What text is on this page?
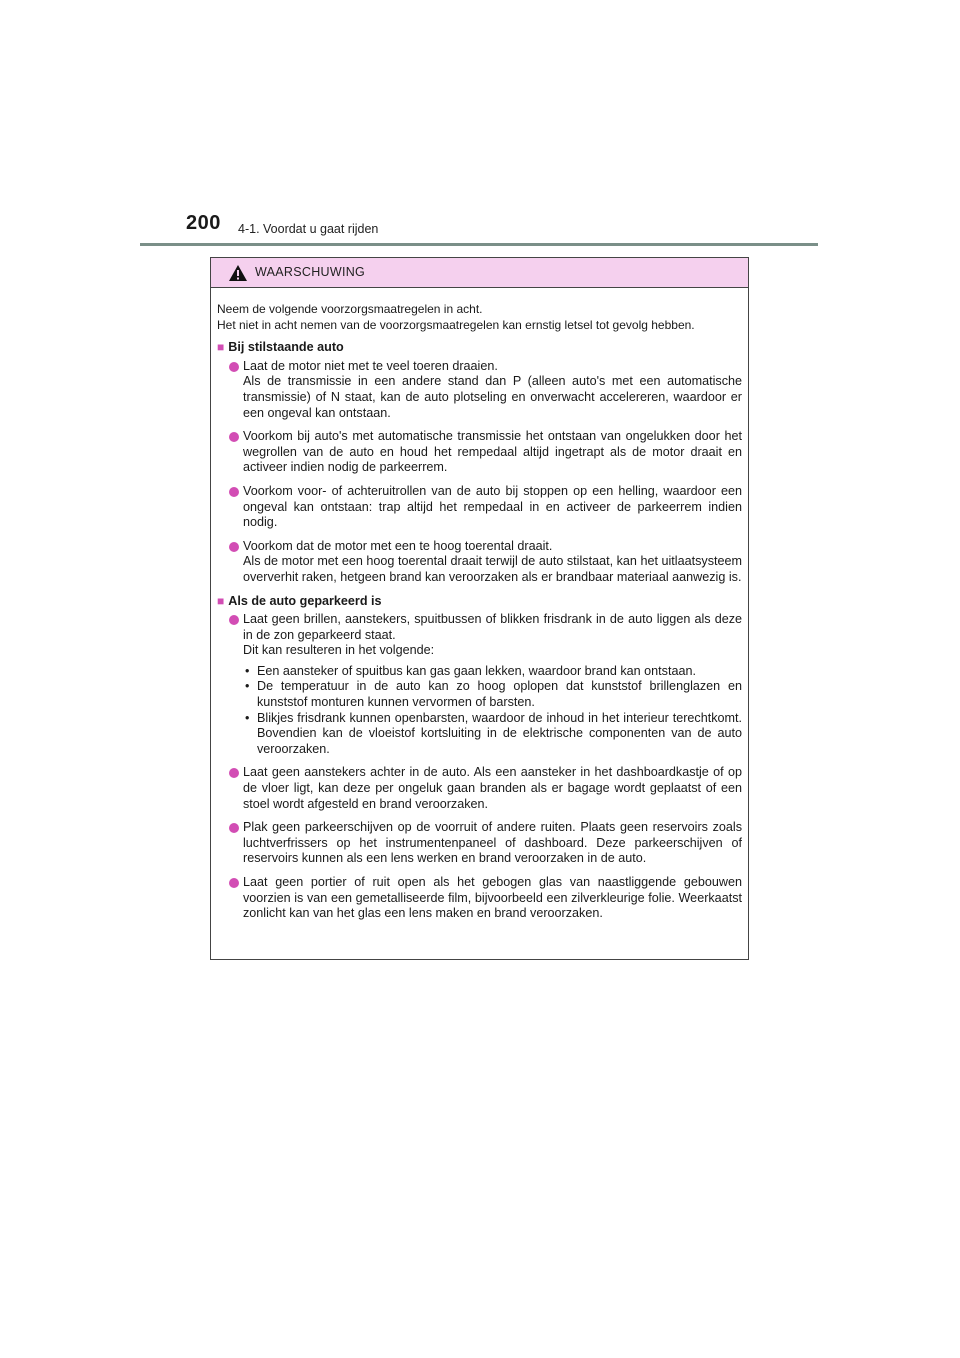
200 4-1. Voordat u gaat rijden
WAARSCHUWING

Neem de volgende voorzorgsmaatregelen in acht.

Het niet in acht nemen van de voorzorgsmaatregelen kan ernstig letsel tot gevolg hebben.

■ Bij stilstaande auto

Laat de motor niet met te veel toeren draaien.

Als de transmissie in een andere stand dan P (alleen auto's met een automatische transmissie) of N staat, kan de auto plotseling en onverwacht accelereren, waardoor er een ongeval kan ontstaan.

Voorkom bij auto's met automatische transmissie het ontstaan van ongelukken door het wegrollen van de auto en houd het rempedaal altijd ingetrapt als de motor draait en activeer indien nodig de parkeerrem.

Voorkom voor- of achteruitrollen van de auto bij stoppen op een helling, waardoor een ongeval kan ontstaan: trap altijd het rempedaal in en activeer de parkeerrem indien nodig.

Voorkom dat de motor met een te hoog toerental draait.

Als de motor met een hoog toerental draait terwijl de auto stilstaat, kan het uitlaatsysteem oververhit raken, hetgeen brand kan veroorzaken als er brandbaar materiaal aanwezig is.

■ Als de auto geparkeerd is

Laat geen brillen, aanstekers, spuitbussen of blikken frisdrank in de auto liggen als deze in de zon geparkeerd staat.

Dit kan resulteren in het volgende:

• Een aansteker of spuitbus kan gas gaan lekken, waardoor brand kan ontstaan.
• De temperatuur in de auto kan zo hoog oplopen dat kunststof brillenglazen en kunststof monturen kunnen vervormen of barsten.
• Blikjes frisdrank kunnen openbarsten, waardoor de inhoud in het interieur terechtkomt. Bovendien kan de vloeistof kortsluiting in de elektrische componenten van de auto veroorzaken.

Laat geen aanstekers achter in de auto. Als een aansteker in het dashboardkastje of op de vloer ligt, kan deze per ongeluk gaan branden als er bagage wordt geplaatst of een stoel wordt afgesteld en brand veroorzaken.

Plak geen parkeerschijven op de voorruit of andere ruiten. Plaats geen reservoirs zoals luchtverfrissers op het instrumentenpaneel of dashboard. Deze parkeerschijven of reservoirs kunnen als een lens werken en brand veroorzaken in de auto.

Laat geen portier of ruit open als het gebogen glas van naastliggende gebouwen voorzien is van een gemetalliseerde film, bijvoorbeeld een zilverkleurige folie. Weerkaatst zonlicht kan van het glas een lens maken en brand veroorzaken.
